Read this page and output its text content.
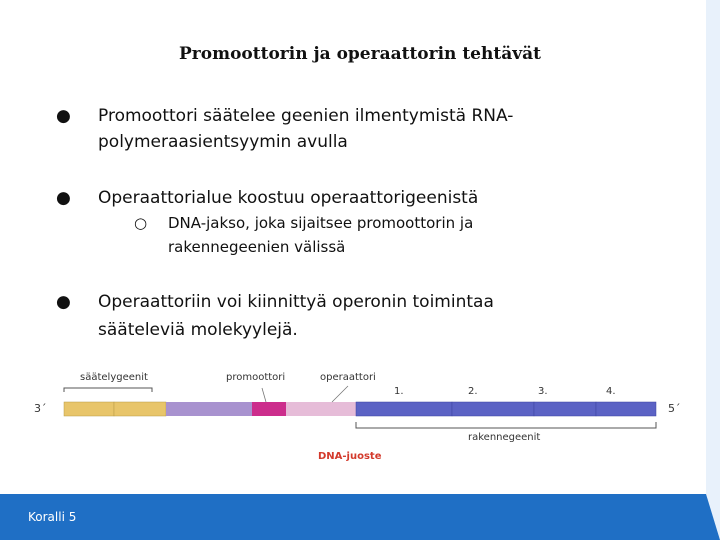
Promoottorin ja operaattorin tehtävät
● Promoottori säätelee geenien ilmentymistä RNA-
polymeraasientsyymin avulla
● Operaattorialue koostuu operaattorigeenistä
○ DNA-jakso, joka sijaitsee promoottorin ja
rakennegeenien välissä
● Operaattoriin voi kiinnittyä operonin toimintaa
sääteleviä molekyylejä.
säätelygeenit	promoottori	operaattori
1.	2.	3.	4.
3´	5´
rakennegeenit
DNA-juoste
Koralli 5
